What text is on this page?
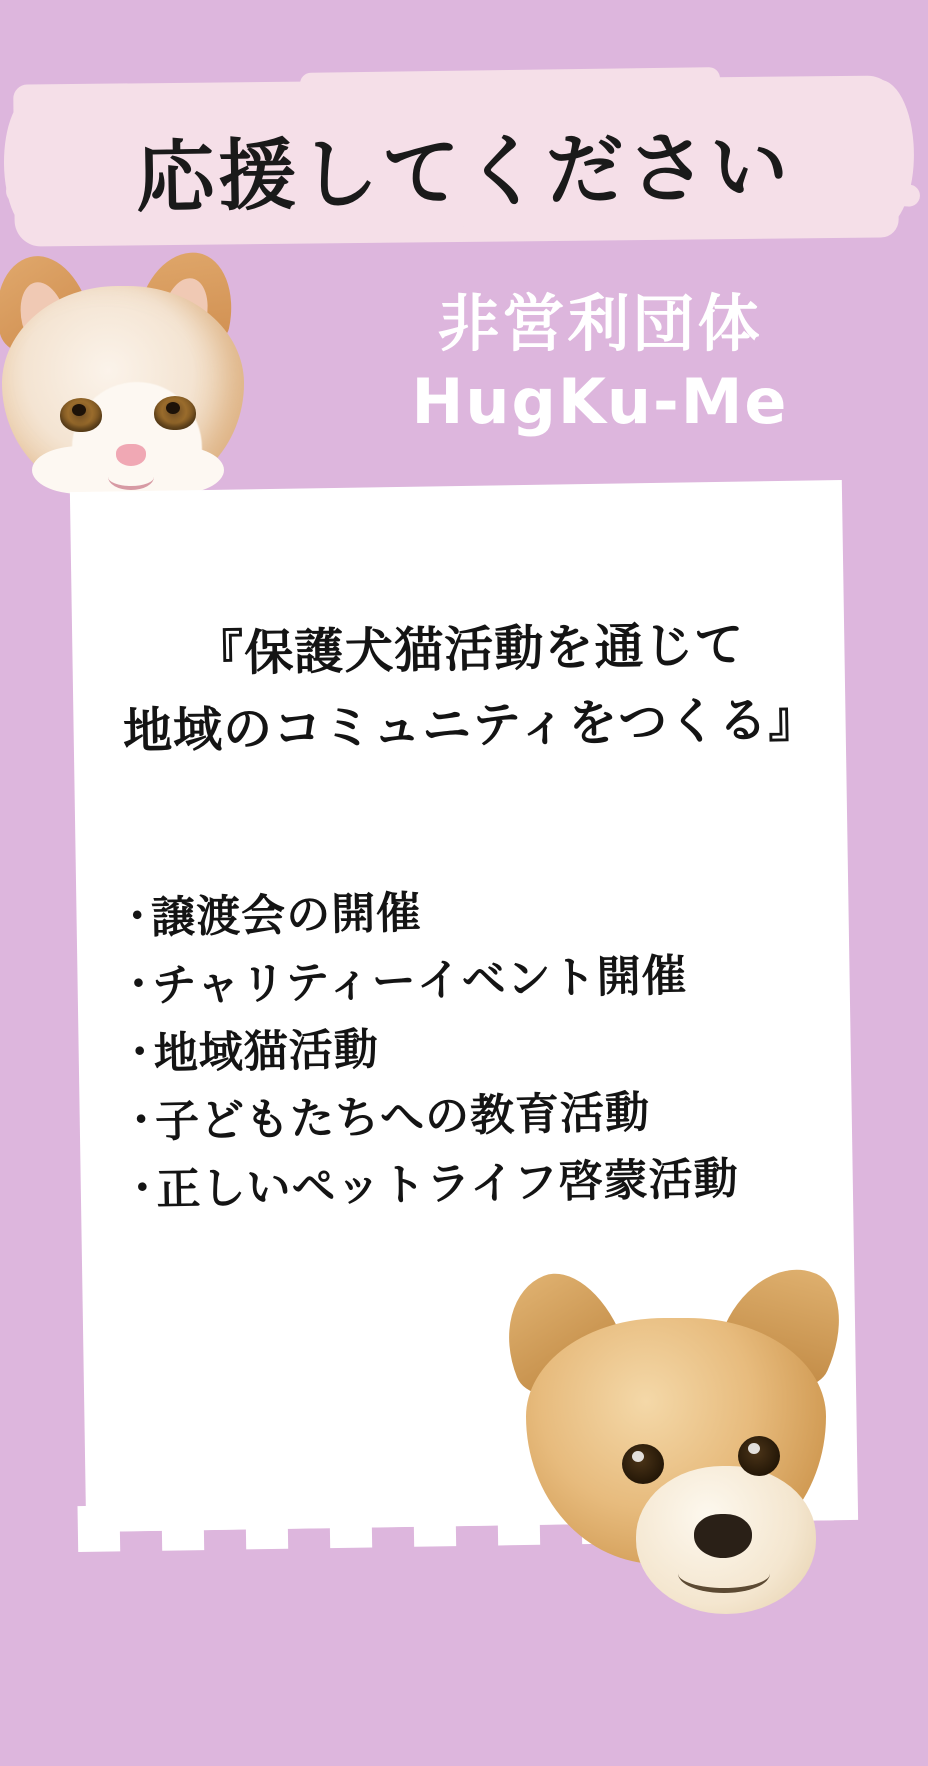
応援してください
非営利団体
HugKu-Me
『保護犬猫活動を通じて
地域のコミュニティをつくる』
・
譲渡会の開催
・
チャリティーイベント開催
・
地域猫活動
・
子どもたちへの教育活動
・
正しいペットライフ啓蒙活動
